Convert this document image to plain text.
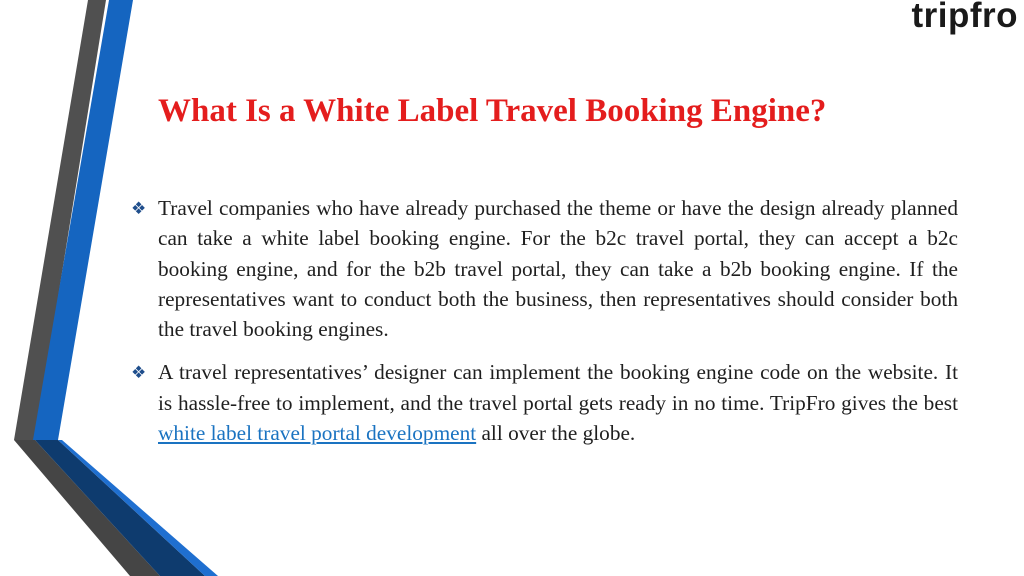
tripfro
What Is a White Label Travel Booking Engine?

❖ Travel companies who have already purchased the theme or have the design already planned can take a white label booking engine. For the b2c travel portal, they can accept a b2c booking engine, and for the b2b travel portal, they can take a b2b booking engine. If the representatives want to conduct both the business, then representatives should consider both the travel booking engines.

❖ A travel representatives’ designer can implement the booking engine code on the website. It is hassle-free to implement, and the travel portal gets ready in no time. TripFro gives the best white label travel portal development all over the globe.
